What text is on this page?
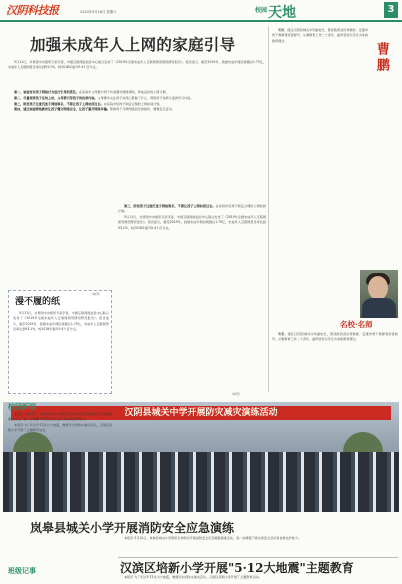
汉阴科技报	2020年5月16日 星期六	校园 天地	3
加强未成年人上网的家庭引导

5月11日，共青团中央组织专家学者，中国互联网络信息中心联合发布了《2019年全国未成年人互联网使用情况研究报告》。报告显示，截至2019年，我国未成年网民规模达1.75亿，未成年人互联网普及率达到93.1%，较2018年提升0.4个百分点。

第一，家庭有对孩子网络行为进行引导的责任。在家庭中父母要与孩子共同遵守网络规则，养成良好的上网习惯。

第二，尽量保持孩子在线上时，父母要引导孩子的优质内容。父母要多关注孩子在网上都做了什么，帮助孩子选择合适的学习内容。

第三，防范孩子过度沉迷于网络娱乐，不要让孩子上网时间过长。在家庭中给孩子制定合理的上网时间计划。

第四，通过家庭网络教育让孩子遵守网络安全，让孩子避开网络诈骗。帮助孩子分辨网络信息的真伪，增强安全意识。

（林茂）
漫不履的纸

5月11日，共青团中央组织专家学者，中国互联网络信息中心联合发布了《2019年全国未成年人互联网使用情况研究报告》。报告显示，截至2019年，我国未成年网民规模达1.75亿，未成年人互联网普及率达到93.1%，较2018年提升0.4个百分点。

（林茂）

第三，防范孩子过度沉迷于网络娱乐，不要让孩子上网时间过长。在家庭中给孩子制定合理的上网时间计划。

5月11日，共青团中央组织专家学者，中国互联网络信息中心联合发布了《2019年全国未成年人互联网使用情况研究报告》。报告显示，截至2019年，我国未成年网民规模达1.75亿，未成年人互联网普及率达到93.1%，较2018年提升0.4个百分点。

曹鹏

曹鹏，现任汉阴县城关中学副校长，曾获陕西省优秀教师、安康市骨干教师等荣誉称号。从事教育工作二十余年，始终坚持以学生为本的教育理念。

名校·名师

曹鹏，现任汉阴县城关中学副校长，曾获陕西省优秀教师、安康市骨干教师等荣誉称号。从事教育工作二十余年，始终坚持以学生为本的教育理念。

汉阴县城关中学开展防灾减灾演练活动
岚皋县城关小学开展消防安全应急演练

本报讯 5月12日，岚皋县城关小学组织全校师生开展消防安全应急疏散演练活动，进一步增强了师生的安全意识和自救自护能力。

汉滨区培新小学开展"5·12大地震"主题教育

本报讯 为了纪念5·12汶川大地震，增强学生的防灾减灾意识，汉滨区培新小学开展了主题教育活动。

校园新闻

本报讯 5月12日，岚皋县城关小学组织全校师生开展消防安全应急疏散演练活动，进一步增强了师生的安全意识和自救自护能力。

本报讯 为了纪念5·12汶川大地震，增强学生的防灾减灾意识，汉滨区培新小学开展了主题教育活动。

班级记事
